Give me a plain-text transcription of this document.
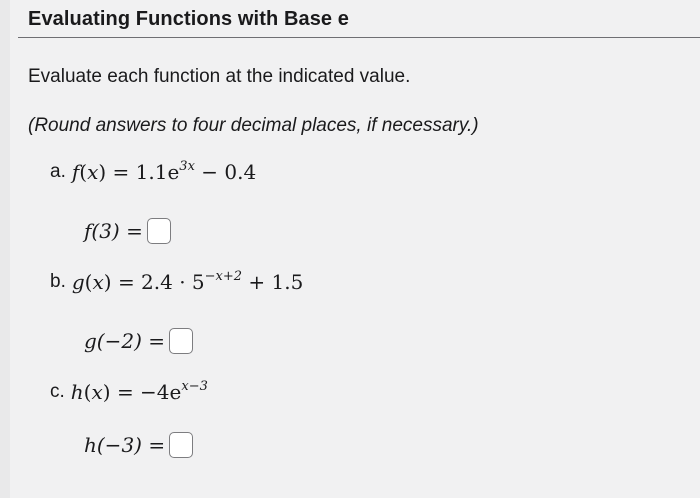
Evaluating Functions with Base e
Evaluate each function at the indicated value.
(Round answers to four decimal places, if necessary.)
a. $f(x) = 1.1e^{3x} - 0.4$
f(3) =
b. $g(x) = 2.4 \cdot 5^{-x+2} + 1.5$
g(−2) =
c. $h(x) = -4e^{x-3}$
h(−3) =
